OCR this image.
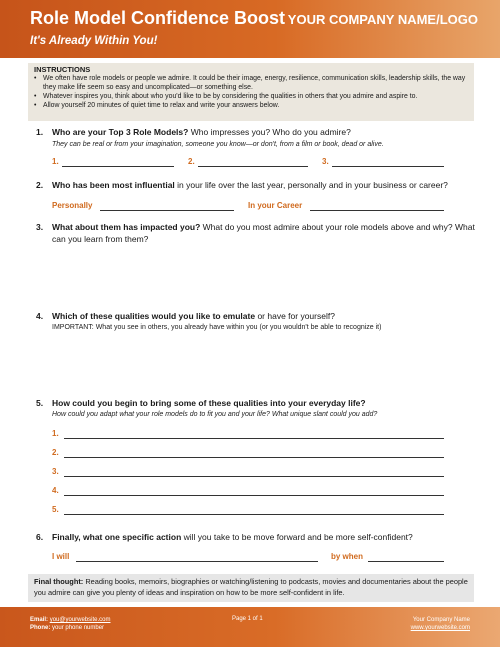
Role Model Confidence Boost
It's Already Within You!
YOUR COMPANY NAME/LOGO
INSTRUCTIONS
• We often have role models or people we admire. It could be their image, energy, resilience, communication skills, leadership skills, the way they make life seem so easy and uncomplicated—or something else.
• Whatever inspires you, think about who you'd like to be by considering the qualities in others that you admire and aspire to.
• Allow yourself 20 minutes of quiet time to relax and write your answers below.
1. Who are your Top 3 Role Models? Who impresses you? Who do you admire?
They can be real or from your imagination, someone you know—or don't, from a film or book, dead or alive.
1.	2.	3.
2. Who has been most influential in your life over the last year, personally and in your business or career?
Personally	In your Career
3. What about them has impacted you? What do you most admire about your role models above and why? What can you learn from them?
4. Which of these qualities would you like to emulate or have for yourself?
IMPORTANT: What you see in others, you already have within you (or you wouldn't be able to recognize it)
5. How could you begin to bring some of these qualities into your everyday life?
How could you adapt what your role models do to fit you and your life? What unique slant could you add?
1.
2.
3.
4.
5.
6. Finally, what one specific action will you take to be move forward and be more self-confident?
I will	by when
Final thought: Reading books, memoirs, biographies or watching/listening to podcasts, movies and documentaries about the people you admire can give you plenty of ideas and inspiration on how to be more self-confident in life.
Email: you@yourwebsite.com
Phone: your phone number
Page 1 of 1	Your Company Name
www.yourwebsite.com
